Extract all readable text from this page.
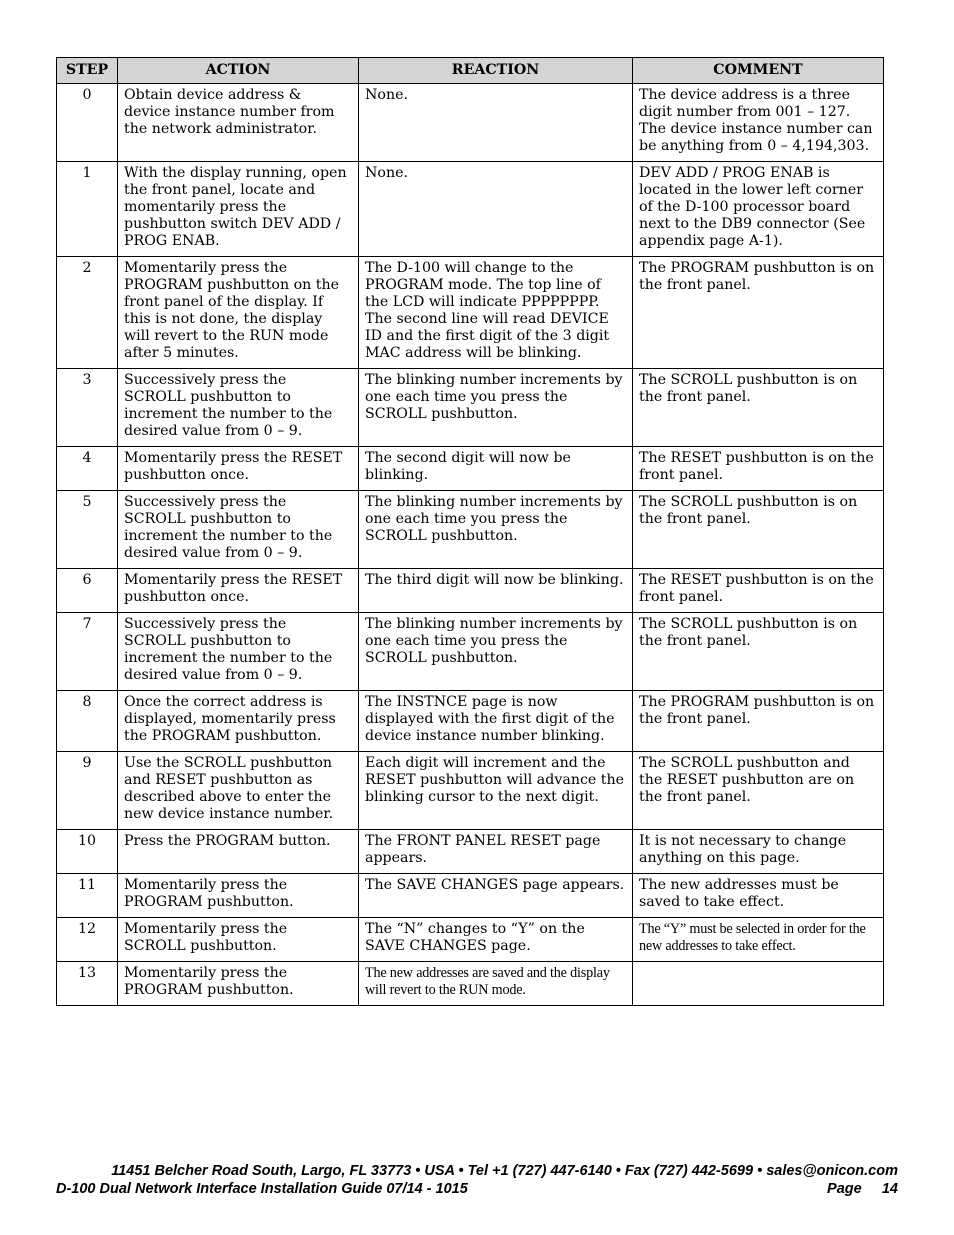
STEP	ACTION	REACTION	COMMENT
0	Obtain device address & device instance number from the network administrator.	None.	The device address is a three digit number from 001 – 127. The device instance number can be anything from 0 – 4,194,303.
1	With the display running, open the front panel, locate and momentarily press the pushbutton switch DEV ADD / PROG ENAB.	None.	DEV ADD / PROG ENAB is located in the lower left corner of the D-100 processor board next to the DB9 connector (See appendix page A-1).
2	Momentarily press the PROGRAM pushbutton on the front panel of the display. If this is not done, the display will revert to the RUN mode after 5 minutes.	The D-100 will change to the PROGRAM mode. The top line of the LCD will indicate PPPPPPPP. The second line will read DEVICE ID and the first digit of the 3 digit MAC address will be blinking.	The PROGRAM pushbutton is on the front panel.
3	Successively press the SCROLL pushbutton to increment the number to the desired value from 0 – 9.	The blinking number increments by one each time you press the SCROLL pushbutton.	The SCROLL pushbutton is on the front panel.
4	Momentarily press the RESET pushbutton once.	The second digit will now be blinking.	The RESET pushbutton is on the front panel.
5	Successively press the SCROLL pushbutton to increment the number to the desired value from 0 – 9.	The blinking number increments by one each time you press the SCROLL pushbutton.	The SCROLL pushbutton is on the front panel.
6	Momentarily press the RESET pushbutton once.	The third digit will now be blinking.	The RESET pushbutton is on the front panel.
7	Successively press the SCROLL pushbutton to increment the number to the desired value from 0 – 9.	The blinking number increments by one each time you press the SCROLL pushbutton.	The SCROLL pushbutton is on the front panel.
8	Once the correct address is displayed, momentarily press the PROGRAM pushbutton.	The INSTNCE page is now displayed with the first digit of the device instance number blinking.	The PROGRAM pushbutton is on the front panel.
9	Use the SCROLL pushbutton and RESET pushbutton as described above to enter the new device instance number.	Each digit will increment and the RESET pushbutton will advance the blinking cursor to the next digit.	The SCROLL pushbutton and the RESET pushbutton are on the front panel.
10	Press the PROGRAM button.	The FRONT PANEL RESET page appears.	It is not necessary to change anything on this page.
11	Momentarily press the PROGRAM pushbutton.	The SAVE CHANGES page appears.	The new addresses must be saved to take effect.
12	Momentarily press the SCROLL pushbutton.	The “N” changes to “Y” on the SAVE CHANGES page.	The “Y” must be selected in order for the new addresses to take effect.
13	Momentarily press the PROGRAM pushbutton.	The new addresses are saved and the display will revert to the RUN mode.	
11451 Belcher Road South, Largo, FL 33773 • USA • Tel +1 (727) 447-6140 • Fax (727) 442-5699 • sales@onicon.com
D-100 Dual Network Interface Installation Guide 07/14 - 1015	Page 14
